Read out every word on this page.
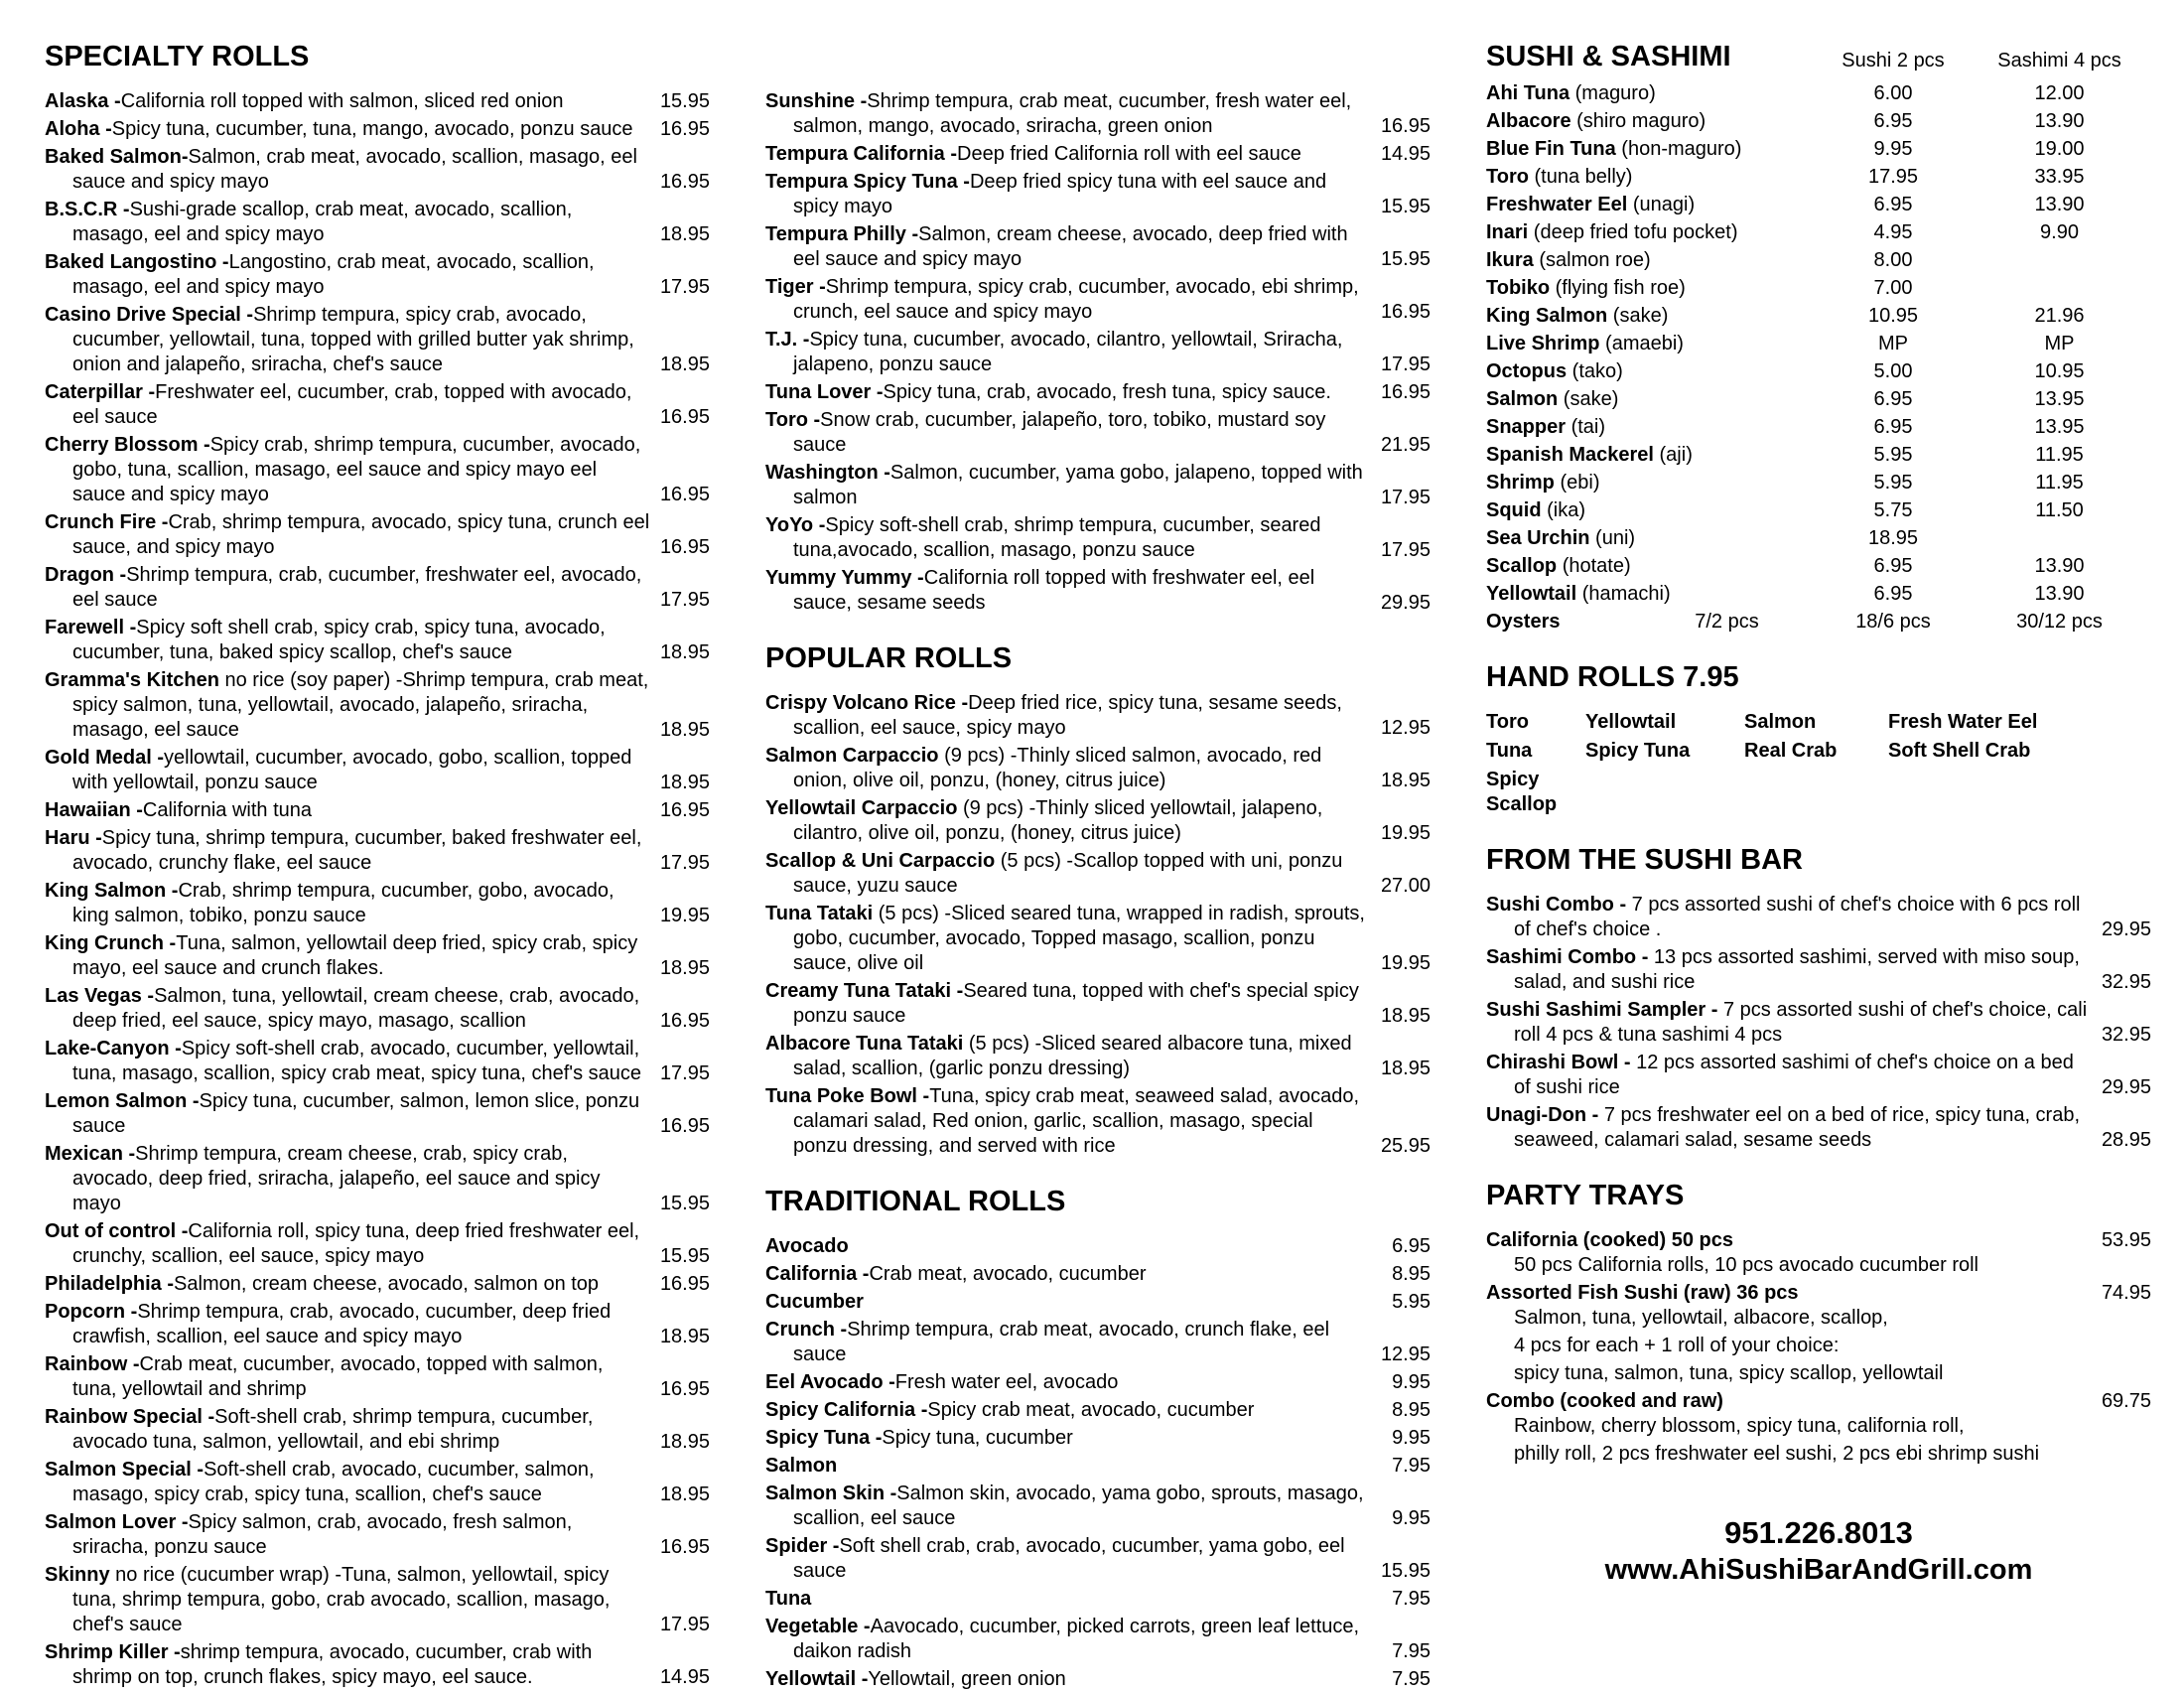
SPECIALTY ROLLS
Alaska -California roll topped with salmon, sliced red onion	15.95
Aloha -Spicy tuna, cucumber, tuna, mango, avocado, ponzu sauce	16.95
Baked Salmon-Salmon, crab meat, avocado, scallion, masago, eel sauce and spicy mayo	16.95
B.S.C.R -Sushi-grade scallop, crab meat, avocado, scallion, masago, eel and spicy mayo	18.95
Baked Langostino -Langostino, crab meat, avocado, scallion, masago, eel and spicy mayo	17.95
Casino Drive Special -Shrimp tempura, spicy crab, avocado, cucumber, yellowtail, tuna, topped with grilled butter yak shrimp, onion and jalapeño, sriracha, chef's sauce	18.95
Caterpillar -Freshwater eel, cucumber, crab, topped with avocado, eel sauce	16.95
Cherry Blossom -Spicy crab, shrimp tempura, cucumber, avocado, gobo, tuna, scallion, masago, eel sauce and spicy mayo eel sauce and spicy mayo	16.95
Crunch Fire -Crab, shrimp tempura, avocado, spicy tuna, crunch eel sauce, and spicy mayo	16.95
Dragon -Shrimp tempura, crab, cucumber, freshwater eel, avocado, eel sauce	17.95
Farewell -Spicy soft shell crab, spicy crab, spicy tuna, avocado, cucumber, tuna, baked spicy scallop, chef's sauce	18.95
Gramma's Kitchen no rice (soy paper) -Shrimp tempura, crab meat, spicy salmon, tuna, yellowtail, avocado, jalapeño, sriracha, masago, eel sauce	18.95
Gold Medal -yellowtail, cucumber, avocado, gobo, scallion, topped with yellowtail, ponzu sauce	18.95
Hawaiian -California with tuna	16.95
Haru -Spicy tuna, shrimp tempura, cucumber, baked freshwater eel, avocado, crunchy flake, eel sauce	17.95
King Salmon -Crab, shrimp tempura, cucumber, gobo, avocado, king salmon, tobiko, ponzu sauce	19.95
King Crunch -Tuna, salmon, yellowtail deep fried, spicy crab, spicy mayo, eel sauce and crunch flakes.	18.95
Las Vegas -Salmon, tuna, yellowtail, cream cheese, crab, avocado, deep fried, eel sauce, spicy mayo, masago, scallion	16.95
Lake-Canyon -Spicy soft-shell crab, avocado, cucumber, yellowtail, tuna, masago, scallion, spicy crab meat, spicy tuna, chef's sauce 17.95
Lemon Salmon -Spicy tuna, cucumber, salmon, lemon slice, ponzu sauce	16.95
Mexican -Shrimp tempura, cream cheese, crab, spicy crab, avocado, deep fried, sriracha, jalapeño, eel sauce and spicy mayo	15.95
Out of control -California roll, spicy tuna, deep fried freshwater eel, crunchy, scallion, eel sauce, spicy mayo	15.95
Philadelphia -Salmon, cream cheese, avocado, salmon on top	16.95
Popcorn -Shrimp tempura, crab, avocado, cucumber, deep fried crawfish, scallion, eel sauce and spicy mayo	18.95
Rainbow -Crab meat, cucumber, avocado, topped with salmon, tuna, yellowtail and shrimp	16.95
Rainbow Special -Soft-shell crab, shrimp tempura, cucumber, avocado tuna, salmon, yellowtail, and ebi shrimp	18.95
Salmon Special -Soft-shell crab, avocado, cucumber, salmon, masago, spicy crab, spicy tuna, scallion, chef's sauce	18.95
Salmon Lover -Spicy salmon, crab, avocado, fresh salmon, sriracha, ponzu sauce	16.95
Skinny no rice (cucumber wrap) -Tuna, salmon, yellowtail, spicy tuna, shrimp tempura, gobo, crab avocado, scallion, masago, chef's sauce	17.95
Shrimp Killer -shrimp tempura, avocado, cucumber, crab with shrimp on top, crunch flakes, spicy mayo, eel sauce.	14.95
Sunshine -Shrimp tempura, crab meat, cucumber, fresh water eel, salmon, mango, avocado, sriracha, green onion	16.95
Tempura California -Deep fried California roll with eel sauce	14.95
Tempura Spicy Tuna -Deep fried spicy tuna with eel sauce and spicy mayo	15.95
Tempura Philly -Salmon, cream cheese, avocado, deep fried with eel sauce and spicy mayo	15.95
Tiger -Shrimp tempura, spicy crab, cucumber, avocado, ebi shrimp, crunch, eel sauce and spicy mayo	16.95
T.J. -Spicy tuna, cucumber, avocado, cilantro, yellowtail, Sriracha, jalapeno, ponzu sauce	17.95
Tuna Lover -Spicy tuna, crab, avocado, fresh tuna, spicy sauce.	16.95
Toro -Snow crab, cucumber, jalapeño, toro, tobiko, mustard soy sauce	21.95
Washington -Salmon, cucumber, yama gobo, jalapeno, topped with salmon	17.95
YoYo -Spicy soft-shell crab, shrimp tempura, cucumber, seared tuna,avocado, scallion, masago, ponzu sauce	17.95
Yummy Yummy -California roll topped with freshwater eel, eel sauce, sesame seeds	29.95
POPULAR ROLLS
Crispy Volcano Rice -Deep fried rice, spicy tuna, sesame seeds, scallion, eel sauce, spicy mayo	12.95
Salmon Carpaccio (9 pcs) -Thinly sliced salmon, avocado, red onion, olive oil, ponzu, (honey, citrus juice)	18.95
Yellowtail Carpaccio (9 pcs) -Thinly sliced yellowtail, jalapeno, cilantro, olive oil, ponzu, (honey, citrus juice)	19.95
Scallop & Uni Carpaccio (5 pcs) -Scallop topped with uni, ponzu sauce, yuzu sauce	27.00
Tuna Tataki (5 pcs) -Sliced seared tuna, wrapped in radish, sprouts, gobo, cucumber, avocado, Topped masago, scallion, ponzu sauce, olive oil	19.95
Creamy Tuna Tataki -Seared tuna, topped with chef's special spicy ponzu sauce	18.95
Albacore Tuna Tataki (5 pcs) -Sliced seared albacore tuna, mixed salad, scallion, (garlic ponzu dressing)	18.95
Tuna Poke Bowl -Tuna, spicy crab meat, seaweed salad, avocado, calamari salad, Red onion, garlic, scallion, masago, special ponzu dressing, and served with rice	25.95
TRADITIONAL ROLLS
Avocado	6.95
California -Crab meat, avocado, cucumber	8.95
Cucumber	5.95
Crunch -Shrimp tempura, crab meat, avocado, crunch flake, eel sauce	12.95
Eel Avocado -Fresh water eel, avocado	9.95
Spicy California -Spicy crab meat, avocado, cucumber	8.95
Spicy Tuna -Spicy tuna, cucumber	9.95
Salmon	7.95
Salmon Skin -Salmon skin, avocado, yama gobo, sprouts, masago, scallion, eel sauce	9.95
Spider -Soft shell crab, crab, avocado, cucumber, yama gobo, eel sauce	15.95
Tuna	7.95
Vegetable -Aavocado, cucumber, picked carrots, green leaf lettuce, daikon radish	7.95
Yellowtail -Yellowtail, green onion	7.95
SUSHI & SASHIMI	Sushi 2 pcs	Sashimi 4 pcs
Ahi Tuna (maguro)	6.00	12.00
Albacore (shiro maguro)	6.95	13.90
Blue Fin Tuna (hon-maguro)	9.95	19.00
Toro (tuna belly)	17.95	33.95
Freshwater Eel (unagi)	6.95	13.90
Inari (deep fried tofu pocket)	4.95	9.90
Ikura (salmon roe)	8.00
Tobiko (flying fish roe)	7.00
King Salmon (sake)	10.95	21.96
Live Shrimp (amaebi)	MP	MP
Octopus (tako)	5.00	10.95
Salmon (sake)	6.95	13.95
Snapper (tai)	6.95	13.95
Spanish Mackerel (aji)	5.95	11.95
Shrimp (ebi)	5.95	11.95
Squid (ika)	5.75	11.50
Sea Urchin (uni)	18.95
Scallop (hotate)	6.95	13.90
Yellowtail (hamachi)	6.95	13.90
Oysters	7/2 pcs	18/6 pcs	30/12 pcs
HAND ROLLS 7.95
Toro	Yellowtail	Salmon	Fresh Water Eel
Tuna	Spicy Tuna	Real Crab	Soft Shell Crab
Spicy Scallop
FROM THE SUSHI BAR
Sushi Combo - 7 pcs assorted sushi of chef's choice with 6 pcs roll of chef's choice .	29.95
Sashimi Combo - 13 pcs assorted sashimi, served with miso soup, salad, and sushi rice	32.95
Sushi Sashimi Sampler - 7 pcs assorted sushi of chef's choice, cali roll 4 pcs & tuna sashimi 4 pcs	32.95
Chirashi Bowl - 12 pcs assorted sashimi of chef's choice on a bed of sushi rice	29.95
Unagi-Don - 7 pcs freshwater eel on a bed of rice, spicy tuna, crab, seaweed, calamari salad, sesame seeds	28.95
PARTY TRAYS
California (cooked) 50 pcs	53.95
50 pcs California rolls, 10 pcs avocado cucumber roll
Assorted Fish Sushi (raw) 36 pcs	74.95
Salmon, tuna, yellowtail, albacore, scallop,
4 pcs for each + 1 roll of your choice:
spicy tuna, salmon, tuna, spicy scallop, yellowtail
Combo (cooked and raw)	69.75
Rainbow, cherry blossom, spicy tuna, california roll,
philly roll, 2 pcs freshwater eel sushi, 2 pcs ebi shrimp sushi
951.226.8013
www.AhiSushiBarAndGrill.com
